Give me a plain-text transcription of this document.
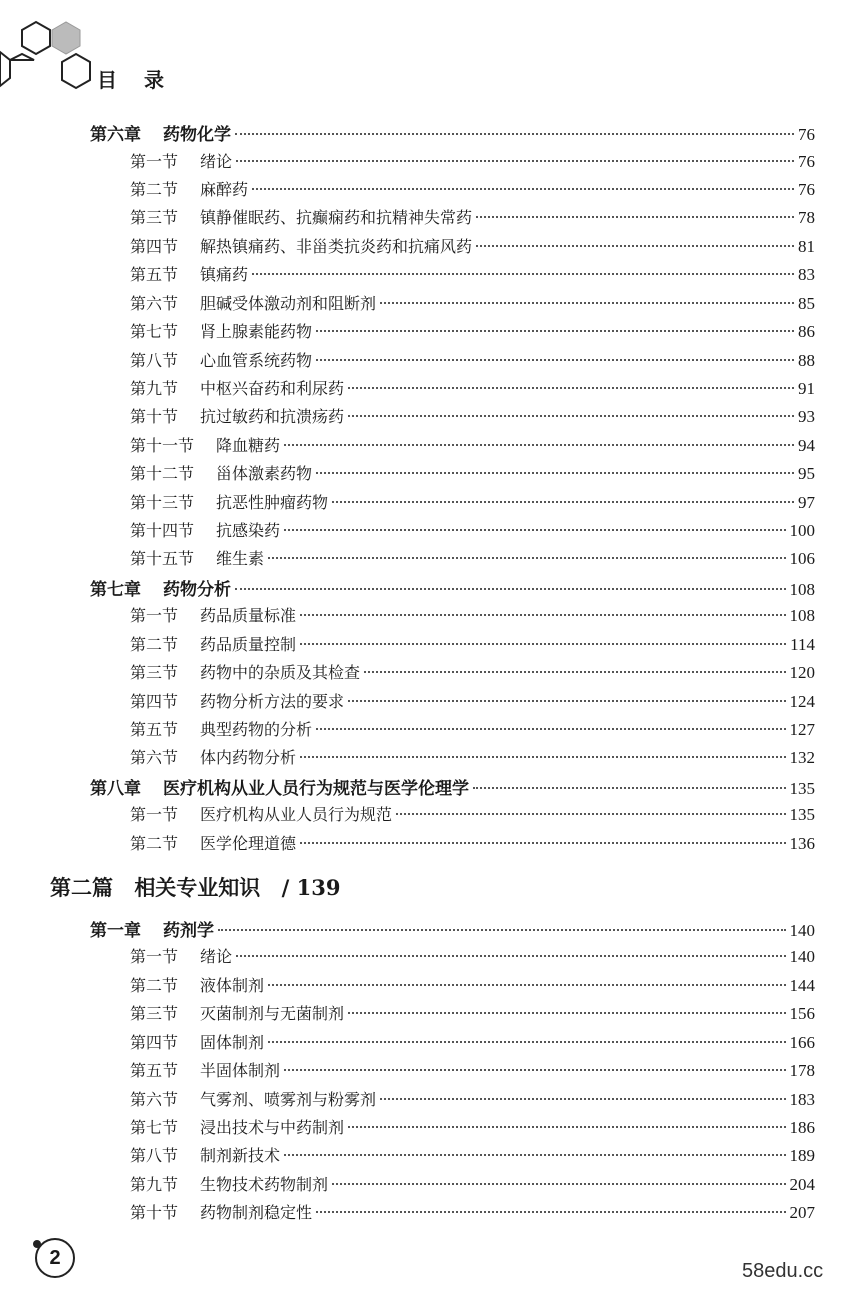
目 录
第六章 药物化学	76
第一节 绪论	76
第二节 麻醉药	76
第三节 镇静催眠药、抗癫痫药和抗精神失常药	78
第四节 解热镇痛药、非甾类抗炎药和抗痛风药	81
第五节 镇痛药	83
第六节 胆碱受体激动剂和阻断剂	85
第七节 肾上腺素能药物	86
第八节 心血管系统药物	88
第九节 中枢兴奋药和利尿药	91
第十节 抗过敏药和抗溃疡药	93
第十一节 降血糖药	94
第十二节 甾体激素药物	95
第十三节 抗恶性肿瘤药物	97
第十四节 抗感染药	100
第十五节 维生素	106
第七章 药物分析	108
第一节 药品质量标准	108
第二节 药品质量控制	114
第三节 药物中的杂质及其检查	120
第四节 药物分析方法的要求	124
第五节 典型药物的分析	127
第六节 体内药物分析	132
第八章 医疗机构从业人员行为规范与医学伦理学	135
第一节 医疗机构从业人员行为规范	135
第二节 医学伦理道德	136
第二篇 相关专业知识 / 139
第一章 药剂学	140
第一节 绪论	140
第二节 液体制剂	144
第三节 灭菌制剂与无菌制剂	156
第四节 固体制剂	166
第五节 半固体制剂	178
第六节 气雾剂、喷雾剂与粉雾剂	183
第七节 浸出技术与中药制剂	186
第八节 制剂新技术	189
第九节 生物技术药物制剂	204
第十节 药物制剂稳定性	207
2
58edu.cc
